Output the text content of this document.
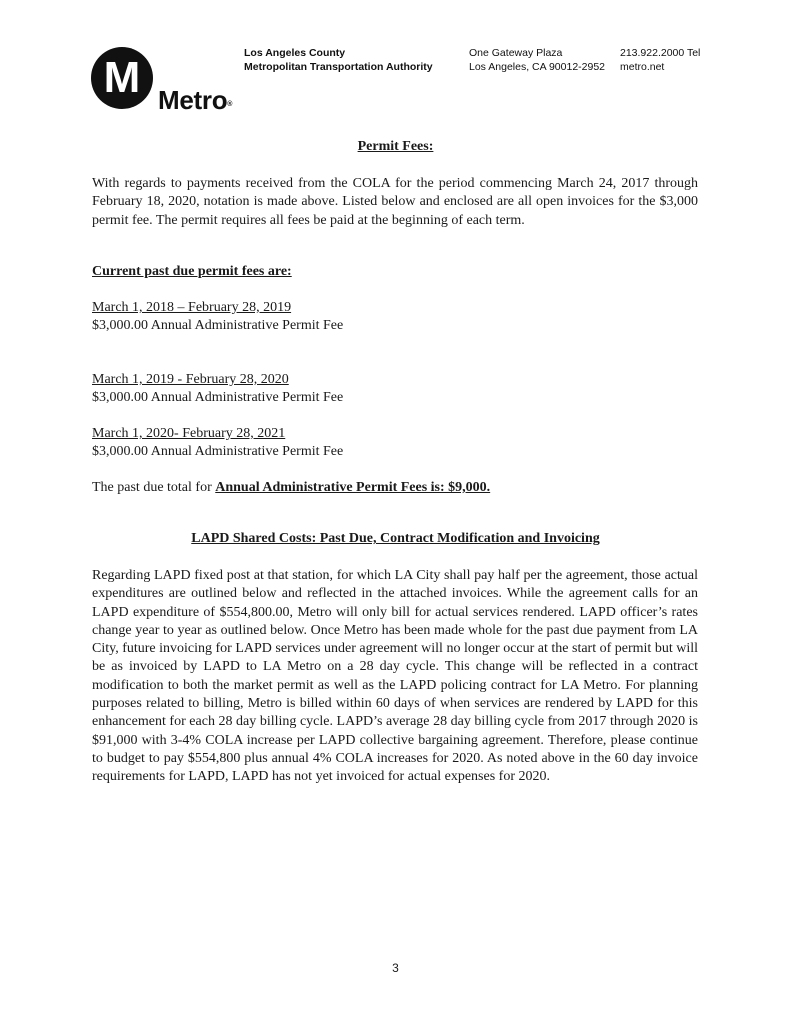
M Metro®
Los Angeles County
Metropolitan Transportation Authority
One Gateway Plaza
Los Angeles, CA 90012-2952
213.922.2000 Tel
metro.net
Permit Fees:

With regards to payments received from the COLA for the period commencing March 24, 2017 through February 18, 2020, notation is made above. Listed below and enclosed are all open invoices for the $3,000 permit fee. The permit requires all fees be paid at the beginning of each term.

Current past due permit fees are:
March 1, 2018 – February 28, 2019
$3,000.00 Annual Administrative Permit Fee
March 1, 2019 - February 28, 2020
$3,000.00 Annual Administrative Permit Fee
March 1, 2020- February 28, 2021
$3,000.00 Annual Administrative Permit Fee
The past due total for Annual Administrative Permit Fees is: $9,000.
LAPD Shared Costs: Past Due, Contract Modification and Invoicing

Regarding LAPD fixed post at that station, for which LA City shall pay half per the agreement, those actual expenditures are outlined below and reflected in the attached invoices. While the agreement calls for an LAPD expenditure of $554,800.00, Metro will only bill for actual services rendered. LAPD officer’s rates change year to year as outlined below. Once Metro has been made whole for the past due payment from LA City, future invoicing for LAPD services under agreement will no longer occur at the start of permit but will be as invoiced by LAPD to LA Metro on a 28 day cycle. This change will be reflected in a contract modification to both the market permit as well as the LAPD policing contract for LA Metro. For planning purposes related to billing, Metro is billed within 60 days of when services are rendered by LAPD for this enhancement for each 28 day billing cycle. LAPD’s average 28 day billing cycle from 2017 through 2020 is $91,000 with 3-4% COLA increase per LAPD collective bargaining agreement. Therefore, please continue to budget to pay $554,800 plus annual 4% COLA increases for 2020. As noted above in the 60 day invoice requirements for LAPD, LAPD has not yet invoiced for actual expenses for 2020.

3
